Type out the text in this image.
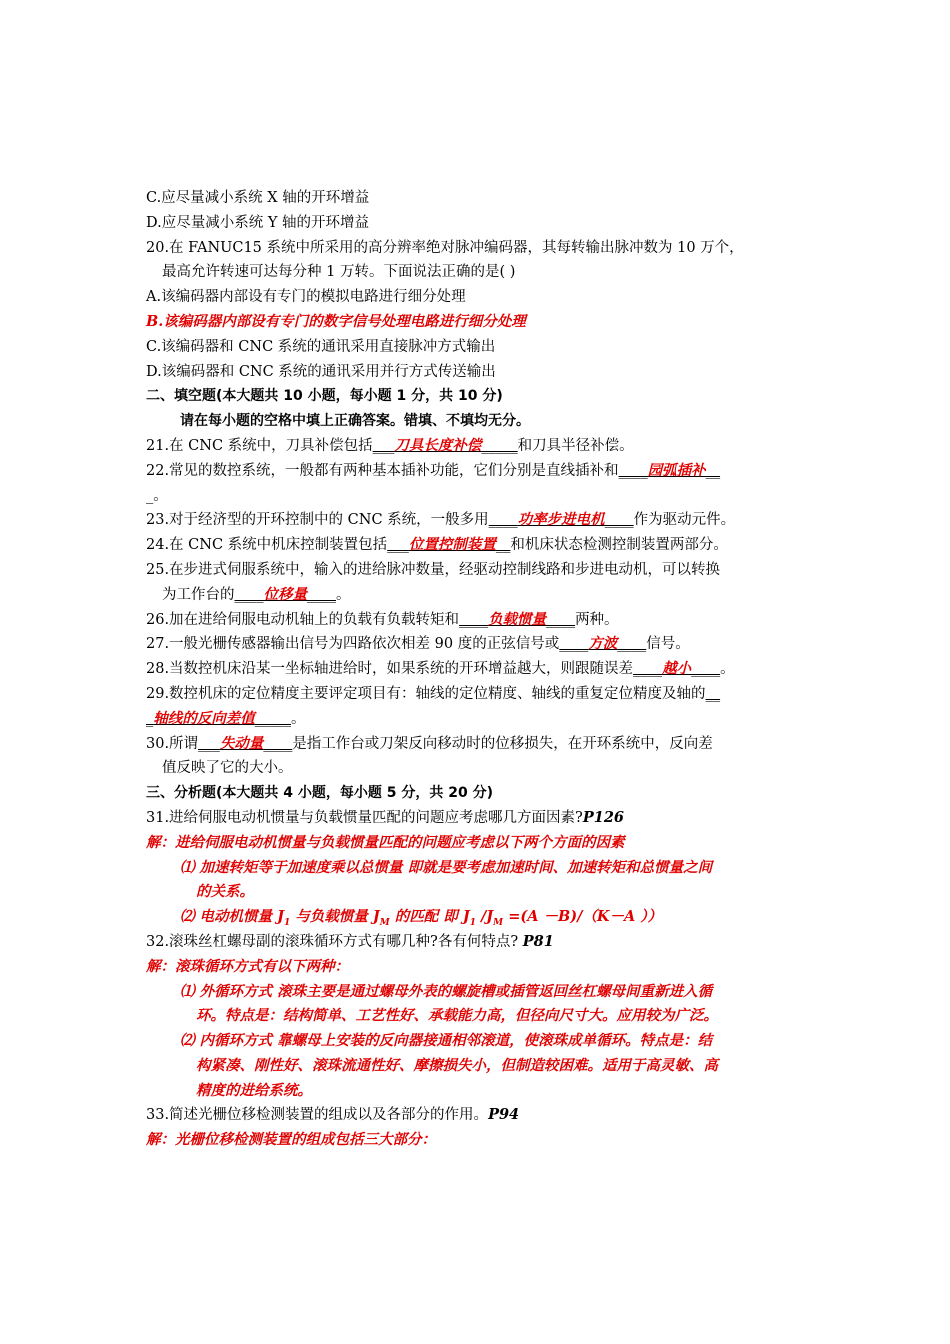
C.应尽量减小系统 X 轴的开环增益
D.应尽量减小系统 Y 轴的开环增益
20.在 FANUC15 系统中所采用的高分辨率绝对脉冲编码器，其每转输出脉冲数为 10 万个，
最高允许转速可达每分种 1 万转。下面说法正确的是( )
A.该编码器内部设有专门的模拟电路进行细分处理
B.该编码器内部设有专门的数字信号处理电路进行细分处理
C.该编码器和 CNC 系统的通讯采用直接脉冲方式输出
D.该编码器和 CNC 系统的通讯采用并行方式传送输出
二、填空题(本大题共 10 小题，每小题 1 分，共 10 分)
请在每小题的空格中填上正确答案。错填、不填均无分。
21.在 CNC 系统中，刀具补偿包括___刀具长度补偿_____和刀具半径补偿。
22.常见的数控系统，一般都有两种基本插补功能，它们分别是直线插补和____园弧插补__
_。
23.对于经济型的开环控制中的 CNC 系统，一般多用____功率步进电机____作为驱动元件。
24.在 CNC 系统中机床控制装置包括___位置控制装置__和机床状态检测控制装置两部分。
25.在步进式伺服系统中，输入的进给脉冲数量，经驱动控制线路和步进电动机，可以转换
为工作台的____位移量____。
26.加在进给伺服电动机轴上的负载有负载转矩和____负载惯量____两种。
27.一般光栅传感器输出信号为四路依次相差 90 度的正弦信号或____方波____信号。
28.当数控机床沿某一坐标轴进给时，如果系统的开环增益越大，则跟随误差____越小____。
29.数控机床的定位精度主要评定项目有：轴线的定位精度、轴线的重复定位精度及轴的__
_轴线的反向差值_____。
30.所谓___失动量____是指工作台或刀架反向移动时的位移损失，在开环系统中，反向差
值反映了它的大小。
三、分析题(本大题共 4 小题，每小题 5 分，共 20 分)
31.进给伺服电动机惯量与负载惯量匹配的问题应考虑哪几方面因素?P126
解：进给伺服电动机惯量与负载惯量匹配的问题应考虑以下两个方面的因素
⑴ 加速转矩等于加速度乘以总惯量 即就是要考虑加速时间、加速转矩和总惯量之间
的关系。
⑵ 电动机惯量 $J_1$ 与负载惯量 $J_M$ 的匹配 即 $J_1$ $/J_M =(A -B)/(K-A$ ））
32.滚珠丝杠螺母副的滚珠循环方式有哪几种?各有何特点? P81
解：滚珠循环方式有以下两种：
⑴ 外循环方式 滚珠主要是通过螺母外表的螺旋槽或插管返回丝杠螺母间重新进入循
环。特点是：结构简单、工艺性好、承载能力高，但径向尺寸大。应用较为广泛。
⑵ 内循环方式 靠螺母上安装的反向器接通相邻滚道，使滚珠成单循环。特点是：结
构紧凑、刚性好、滚珠流通性好、摩擦损失小，但制造较困难。适用于高灵敏、高
精度的进给系统。
33.简述光栅位移检测装置的组成以及各部分的作用。P94
解：光栅位移检测装置的组成包括三大部分：
